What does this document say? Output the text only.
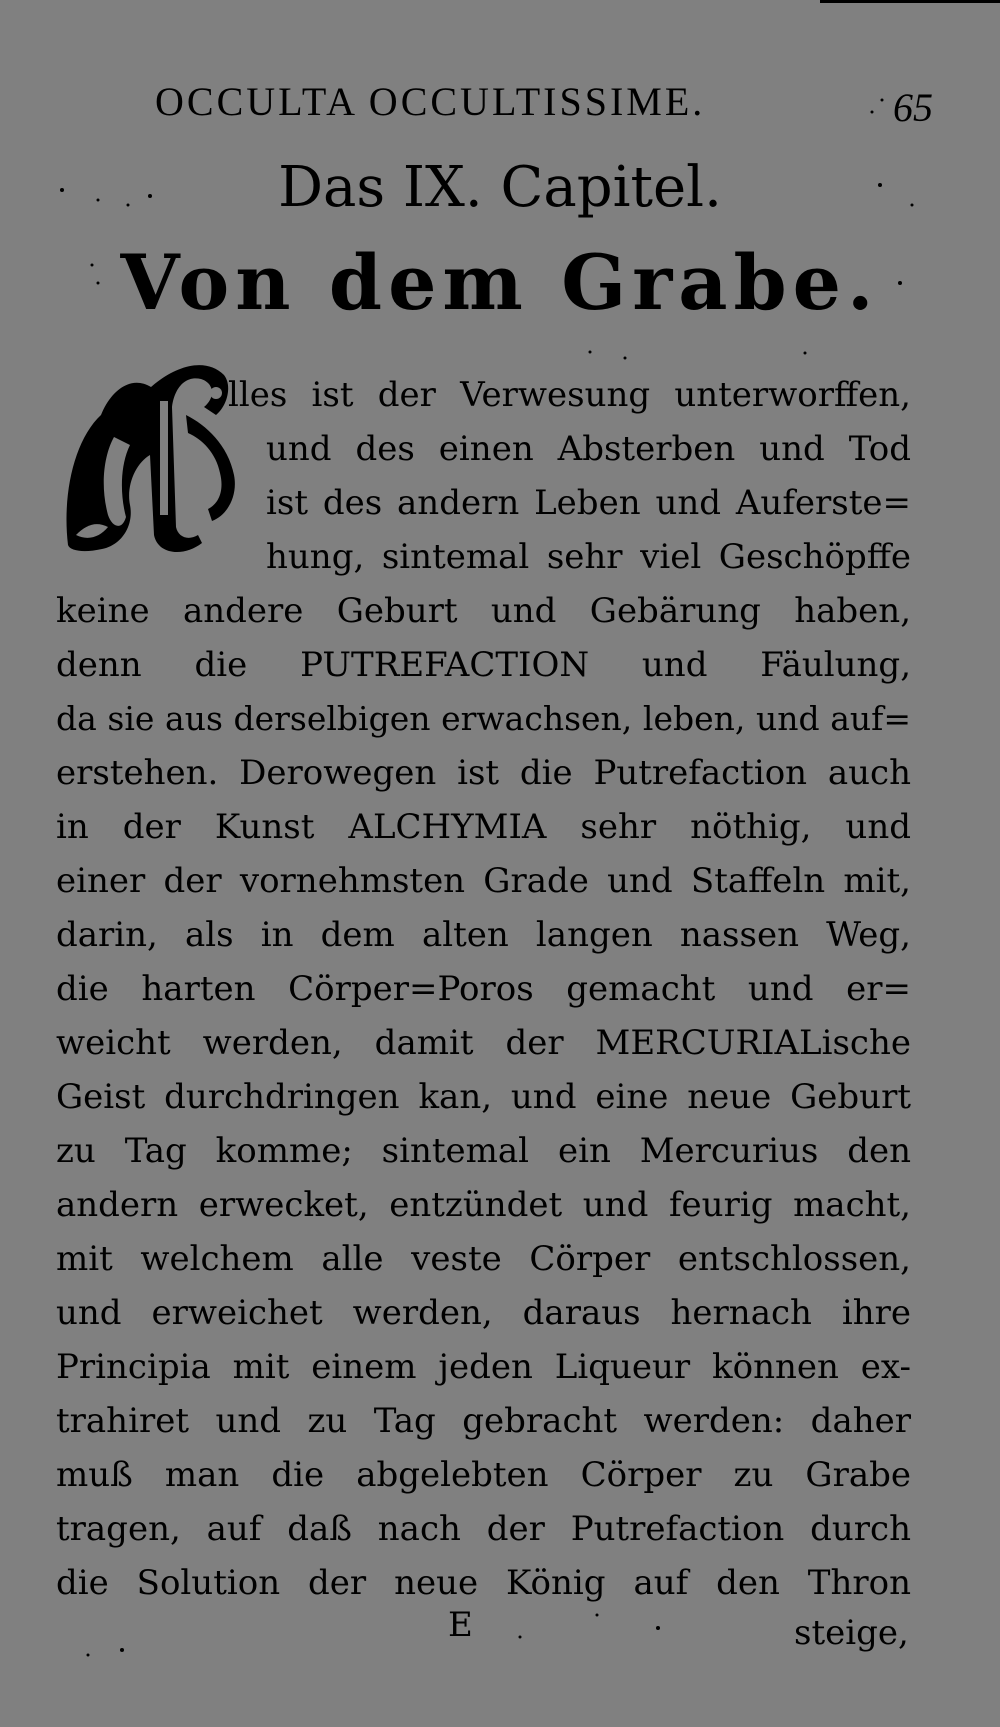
OCCULTA OCCULTISSIME.	65
Das IX. Capitel.
Von dem Grabe.
lles ist der Verwesung unterworffen,
und des einen Absterben und Tod
ist des andern Leben und Auferste=
hung, sintemal sehr viel Geschöpffe
keine andere Geburt und Gebärung haben,
denn die PUTREFACTION und Fäulung,
da sie aus derselbigen erwachsen, leben, und auf=
erstehen. Derowegen ist die Putrefaction auch
in der Kunst ALCHYMIA sehr nöthig, und
einer der vornehmsten Grade und Staffeln mit,
darin, als in dem alten langen nassen Weg,
die harten Cörper=Poros gemacht und er=
weicht werden, damit der MERCURIALische
Geist durchdringen kan, und eine neue Geburt
zu Tag komme; sintemal ein Mercurius den
andern erwecket, entzündet und feurig macht,
mit welchem alle veste Cörper entschlossen,
und erweichet werden, daraus hernach ihre
Principia mit einem jeden Liqueur können ex-
trahiret und zu Tag gebracht werden: daher
muß man die abgelebten Cörper zu Grabe
tragen, auf daß nach der Putrefaction durch
die Solution der neue König auf den Thron
E	steige,
